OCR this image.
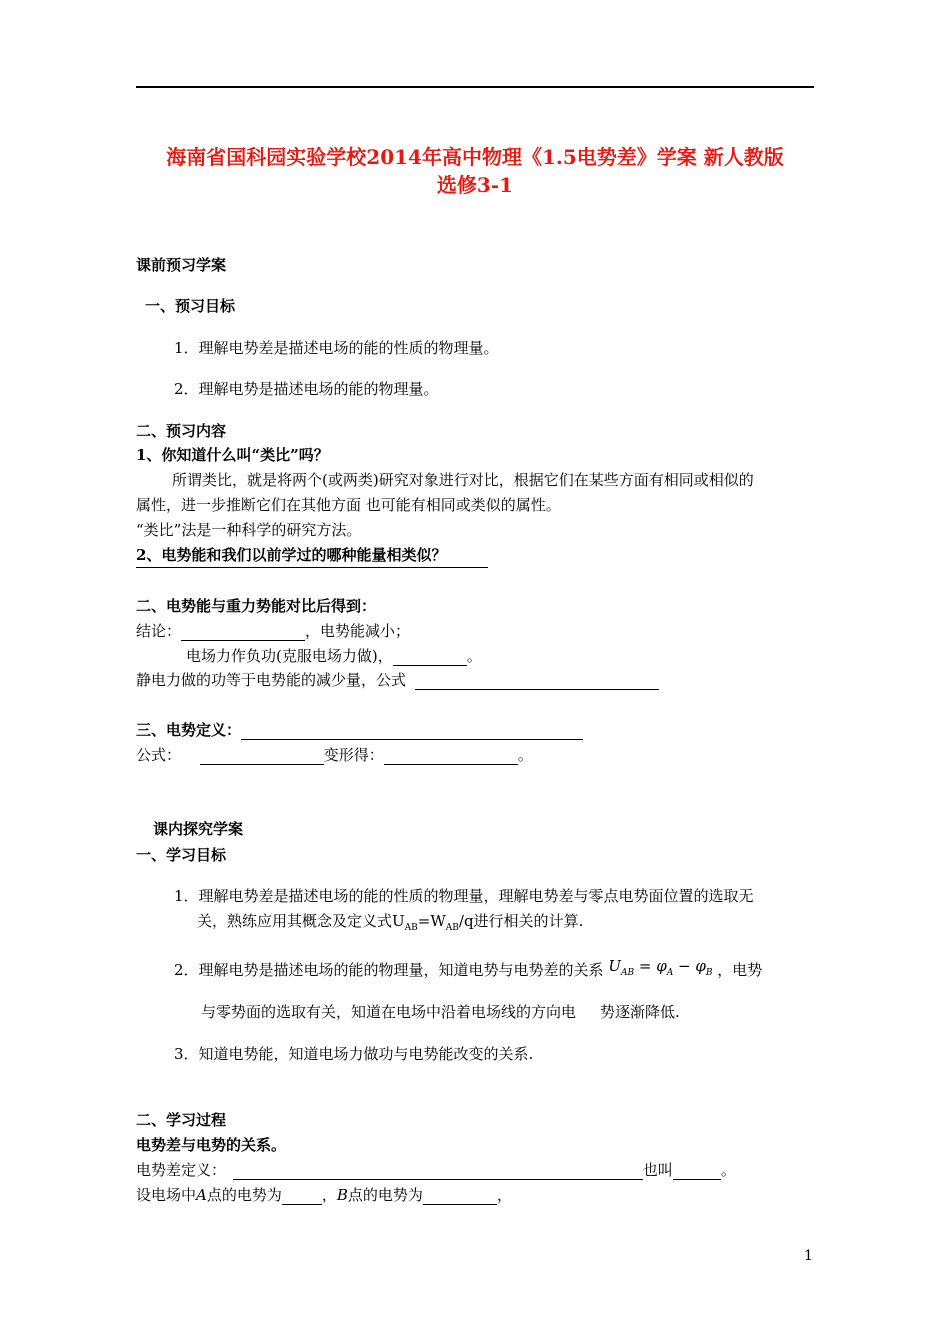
海南省国科园实验学校2014年高中物理《1.5电势差》学案 新人教版
选修3-1
课前预习学案
一、预习目标
1．理解电势差是描述电场的能的性质的物理量。
2．理解电势是描述电场的能的物理量。
二、预习内容
1、你知道什么叫“类比”吗？
所谓类比，就是将两个(或两类)研究对象进行对比，根据它们在某些方面有相同或相似的
属性，进一步推断它们在其他方面 也可能有相同或类似的属性。
“类比”法是一种科学的研究方法。
2、电势能和我们以前学过的哪种能量相类似？
二、电势能与重力势能对比后得到：
结论：	，电势能减小；
电场力作负功(克服电场力做)，	。
静电力做的功等于电势能的减少量，公式
三、电势定义：
公式：	变形得：	。
课内探究学案
一、学习目标
1．理解电势差是描述电场的能的性质的物理量，理解电势差与零点电势面位置的选取无
关，熟练应用其概念及定义式$U_{AB}=W_{AB}/q$进行相关的计算.
2．理解电势是描述电场的能的物理量，知道电势与电势差的关系 $U_{AB} = \varphi_A - \varphi_B$ ，电势
与零势面的选取有关，知道在电场中沿着电场线的方向电 势逐渐降低.
3．知道电势能，知道电场力做功与电势能改变的关系.
二、学习过程
电势差与电势的关系。
电势差定义：	也叫	。
设电场中A点的电势为	，B点的电势为	，
1
